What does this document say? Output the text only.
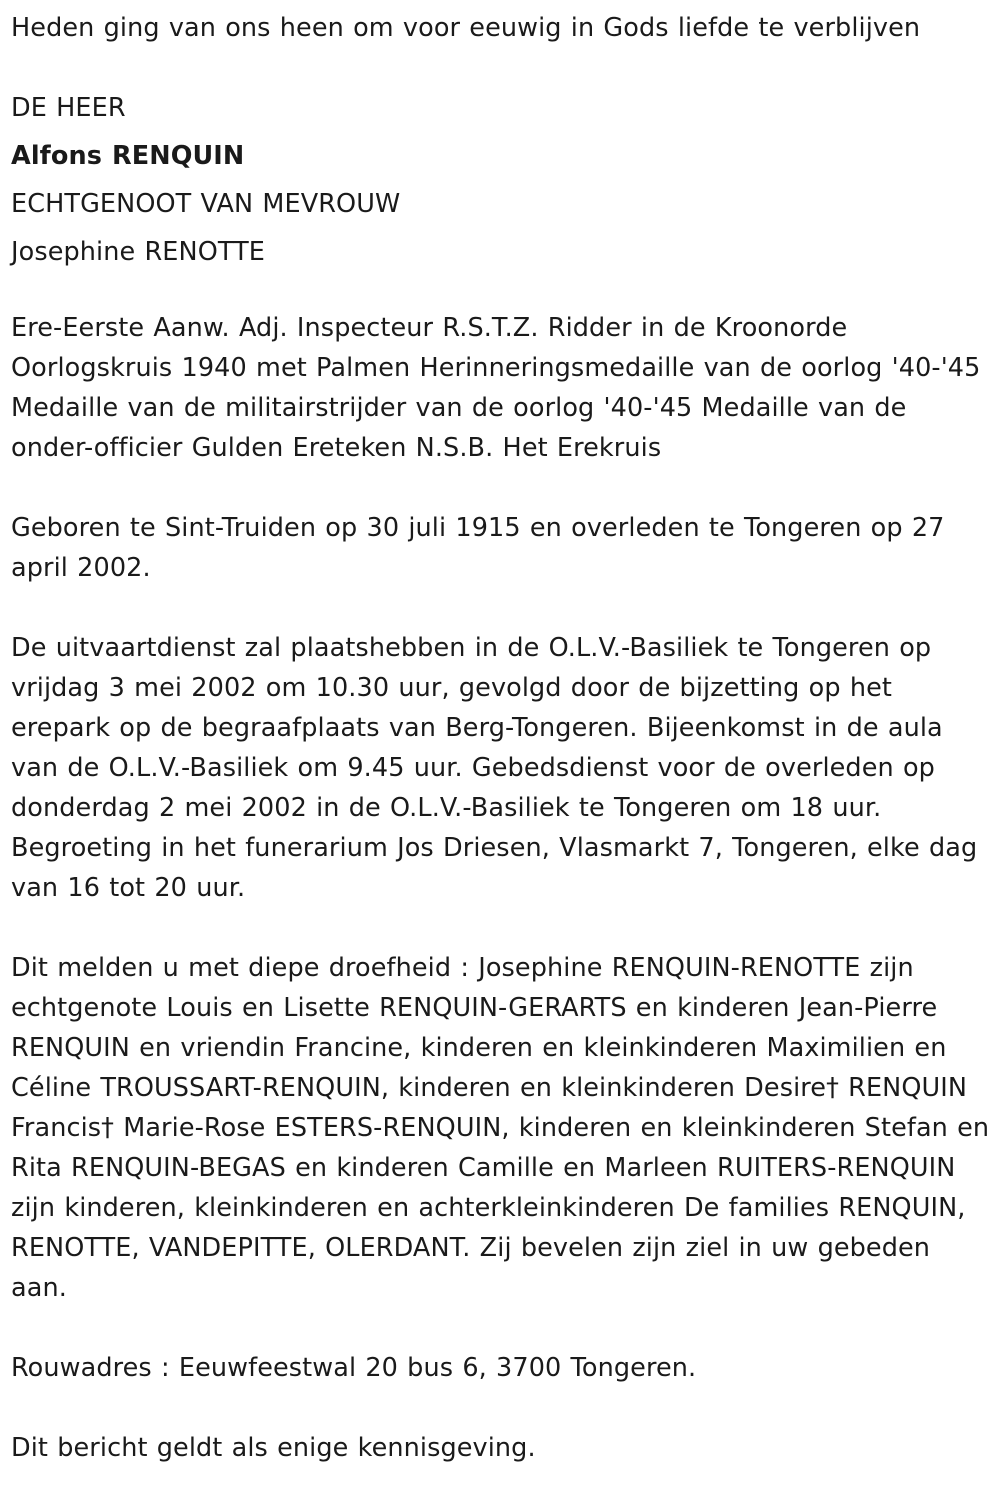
Heden ging van ons heen om voor eeuwig in Gods liefde te verblijven

DE HEER

Alfons RENQUIN

ECHTGENOOT VAN MEVROUW

Josephine RENOTTE

Ere-Eerste Aanw. Adj. Inspecteur R.S.T.Z. Ridder in de Kroonorde Oorlogskruis 1940 met Palmen Herinneringsmedaille van de oorlog '40-'45 Medaille van de militairstrijder van de oorlog '40-'45 Medaille van de onder-officier Gulden Ereteken N.S.B. Het Erekruis

Geboren te Sint-Truiden op 30 juli 1915 en overleden te Tongeren op 27 april 2002.

De uitvaartdienst zal plaatshebben in de O.L.V.-Basiliek te Tongeren op vrijdag 3 mei 2002 om 10.30 uur, gevolgd door de bijzetting op het erepark op de begraafplaats van Berg-Tongeren. Bijeenkomst in de aula van de O.L.V.-Basiliek om 9.45 uur. Gebedsdienst voor de overleden op donderdag 2 mei 2002 in de O.L.V.-Basiliek te Tongeren om 18 uur. Begroeting in het funerarium Jos Driesen, Vlasmarkt 7, Tongeren, elke dag van 16 tot 20 uur.

Dit melden u met diepe droefheid : Josephine RENQUIN-RENOTTE zijn echtgenote Louis en Lisette RENQUIN-GERARTS en kinderen Jean-Pierre RENQUIN en vriendin Francine, kinderen en kleinkinderen Maximilien en Céline TROUSSART-RENQUIN, kinderen en kleinkinderen Desire† RENQUIN Francis† Marie-Rose ESTERS-RENQUIN, kinderen en kleinkinderen Stefan en Rita RENQUIN-BEGAS en kinderen Camille en Marleen RUITERS-RENQUIN zijn kinderen, kleinkinderen en achterkleinkinderen De families RENQUIN, RENOTTE, VANDEPITTE, OLERDANT. Zij bevelen zijn ziel in uw gebeden aan.

Rouwadres : Eeuwfeestwal 20 bus 6, 3700 Tongeren.

Dit bericht geldt als enige kennisgeving.
